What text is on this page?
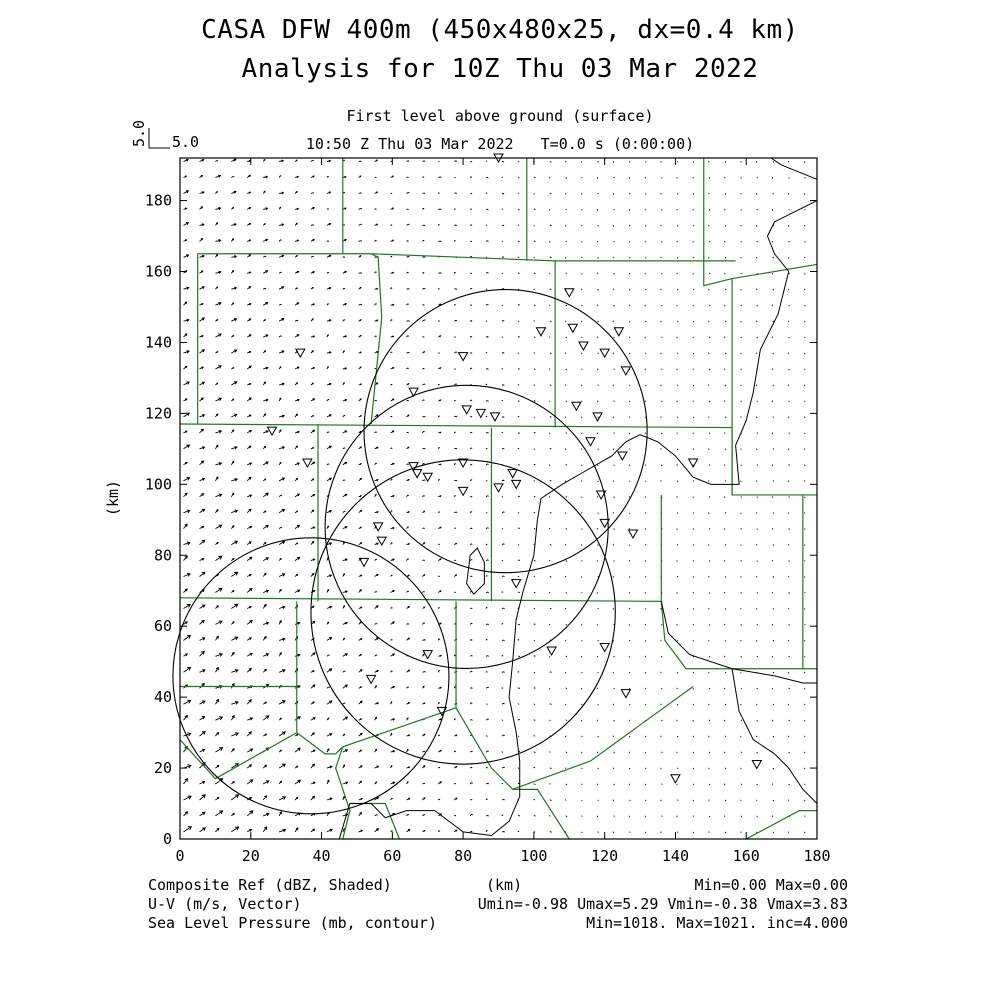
CASA DFW 400m (450x480x25, dx=0.4 km)
Analysis for 10Z Thu 03 Mar 2022
First level above ground (surface)
10:50 Z Thu 03 Mar 2022   T=0.0 s (0:00:00)
0	20	40	60	80	100	120	140	160	180
0
20
40
60
80
100
120
140
160
180
5.0 5.0
(km)
(km)
Composite Ref (dBZ, Shaded)	Min=0.00 Max=0.00
U-V (m/s, Vector)	Umin=-0.98 Umax=5.29 Vmin=-0.38 Vmax=3.83
Sea Level Pressure (mb, contour)	Min=1018. Max=1021. inc=4.000
